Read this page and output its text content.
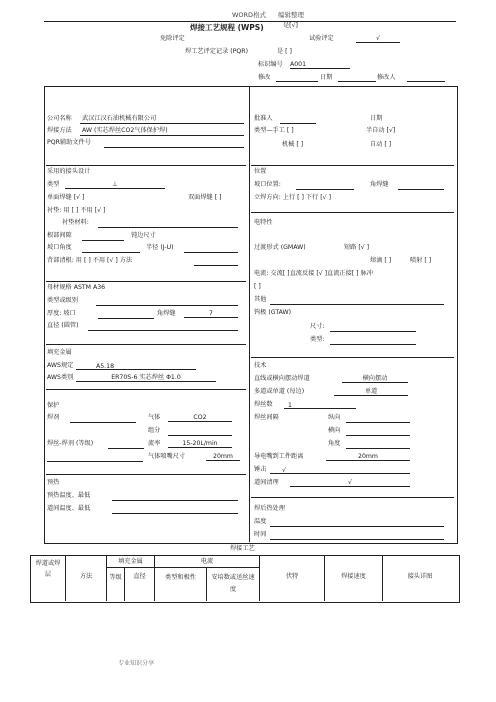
WORD格式 编辑整理
专业知识分享
焊接工艺规程 (WPS)	是[√]
免除评定	试验评定	√
焊工艺评定记录 (PQR)	是 [ ]
标识编号 A001
修改	日期	修改人
公司名称 武汉江汉石油机械有限公司
焊接方法 AW (实芯焊丝CO2气体保护焊)
PQR辅助文件号
采用的接头设计
类型	⊥
单面焊缝 [√ ]	双面焊缝 [ ]
衬垫: 用 [ ] 不用 [√ ]
衬垫材料:
根部间隙	钝边尺寸
坡口角度	半径 (J-U)
背部清根: 用 [ ] 不用 [√ ] 方法
母材规格 ASTM A36
类型或级别
厚度: 坡口	角焊缝	7
直径 (圆管)
填充金属
AWS规定	A5.18
AWS类别	ER70S-6 实芯焊丝 Φ1.0
保护
焊剂	气体	CO2
组分
焊丝-焊剂 (等级)	流率	15-20L/min
气体喷嘴尺寸	20mm
预热
预热温度、最低
道间温度、最低
批准人	日期
类型—手工 [ ]	半自动 [√]
机械 [ ]	自动 [ ]
位置
坡口位置:	角焊缝
立焊方向: 上行 [ ] 下行 [√ ]
电特性
过渡形式 (GMAW)	短路 [√ ]
熔滴 [ ]	喷射 [ ]
电流: 交流[ ]直流反接 [√ ]直流正接[ ] 脉冲
[ ]
其他
钨极 (GTAW)
尺寸:
类型:
技术
直线或横向摆动焊道	横向摆动
多道或单道 (每边)	单道
焊丝数	1
焊丝间隔	纵向
横向
角度
导电嘴到工件距离	20mm
锤击	√
道间清理	√
焊后热处理
温度
时间
焊接工艺
焊道或焊层	方法
填充金属
等级	直径
电流
类型和极性	安培数或送丝速度
伏特	焊接速度	接头详图
